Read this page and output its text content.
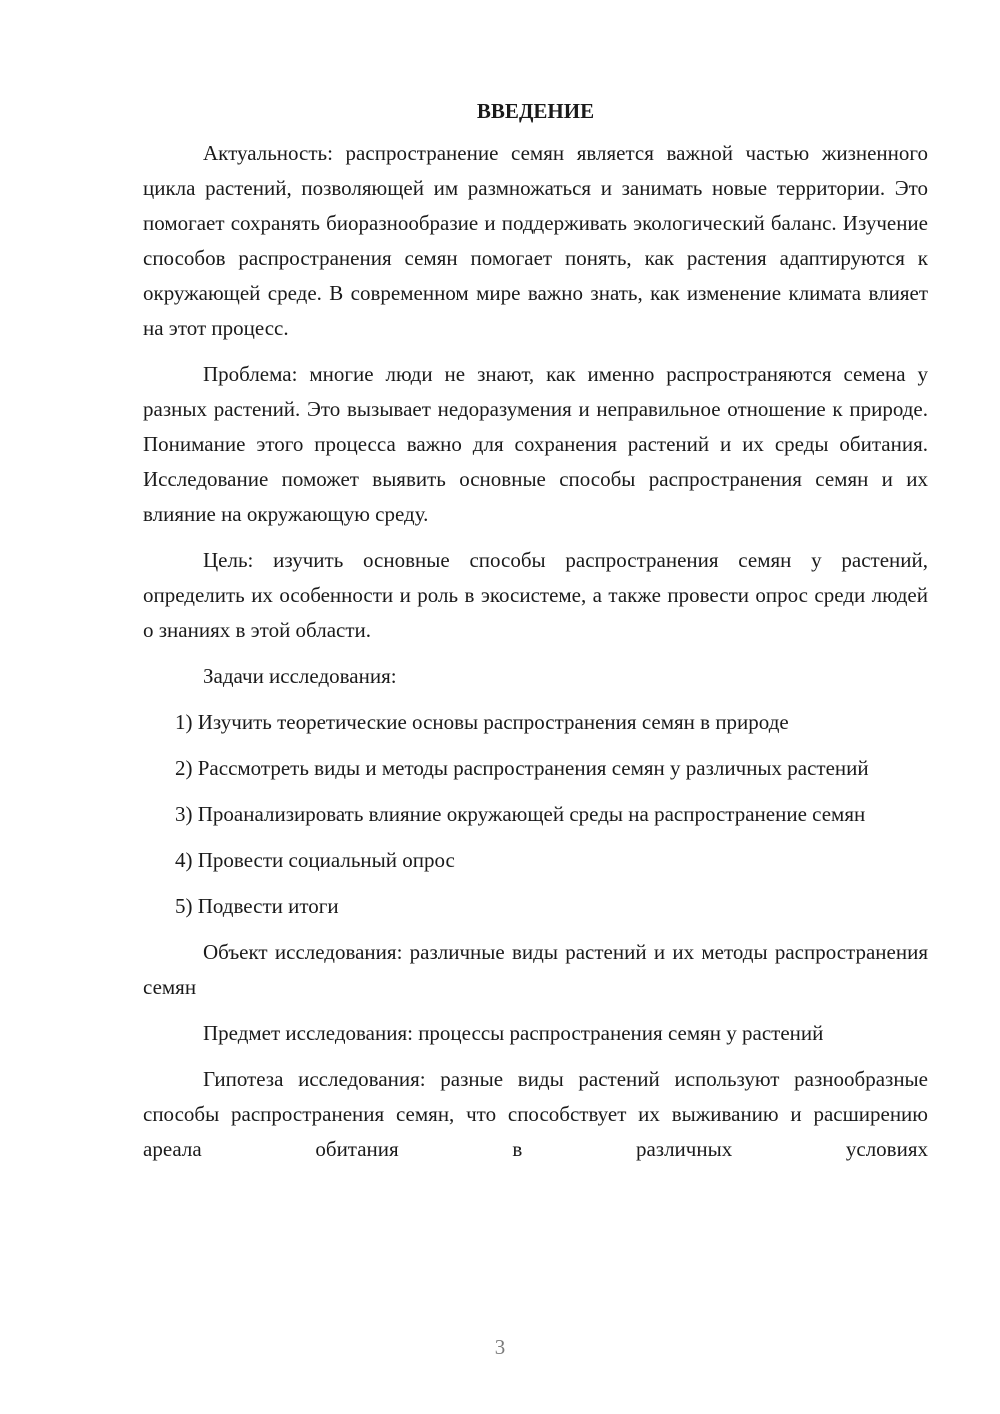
ВВЕДЕНИЕ

Актуальность: распространение семян является важной частью жизненного цикла растений, позволяющей им размножаться и занимать новые территории. Это помогает сохранять биоразнообразие и поддерживать экологический баланс. Изучение способов распространения семян помогает понять, как растения адаптируются к окружающей среде. В современном мире важно знать, как изменение климата влияет на этот процесс.

Проблема: многие люди не знают, как именно распространяются семена у разных растений. Это вызывает недоразумения и неправильное отношение к природе. Понимание этого процесса важно для сохранения растений и их среды обитания. Исследование поможет выявить основные способы распространения семян и их влияние на окружающую среду.

Цель: изучить основные способы распространения семян у растений, определить их особенности и роль в экосистеме, а также провести опрос среди людей о знаниях в этой области.

Задачи исследования:

1) Изучить теоретические основы распространения семян в природе

2) Рассмотреть виды и методы распространения семян у различных растений

3) Проанализировать влияние окружающей среды на распространение семян

4) Провести социальный опрос

5) Подвести итоги

Объект исследования: различные виды растений и их методы распространения семян

Предмет исследования: процессы распространения семян у растений

Гипотеза исследования: разные виды растений используют разнообразные способы распространения семян, что способствует их выживанию и расширению ареала обитания в различных условиях

3
